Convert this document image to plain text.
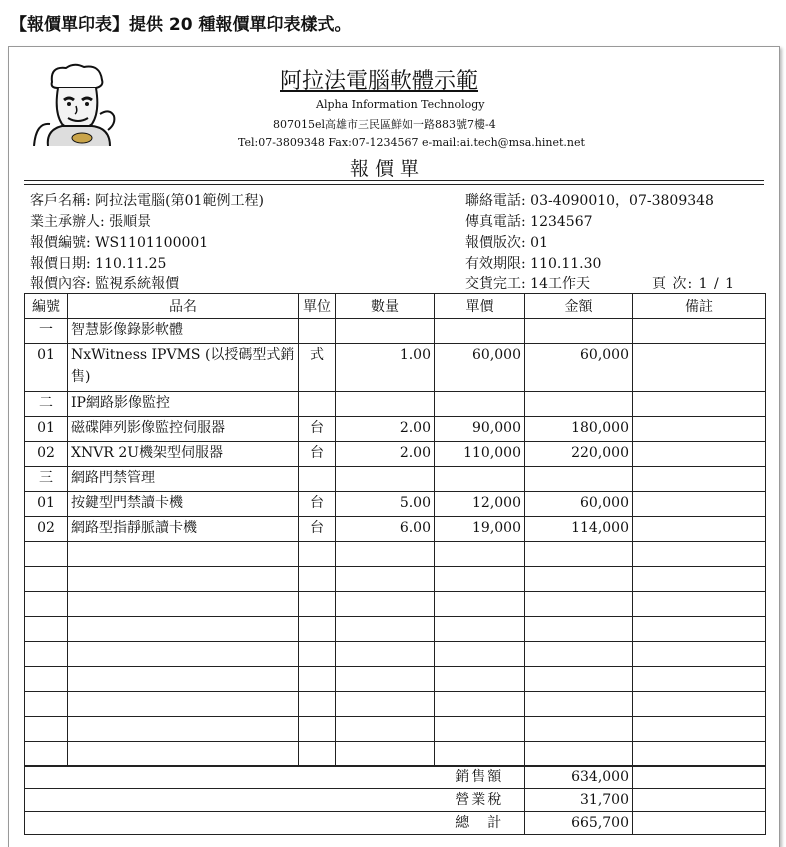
【報價單印表】提供 20 種報價單印表樣式。
阿拉法電腦軟體示範
Alpha Information Technology
807015el高雄市三民區鮮如一路883號7樓-4
Tel:07-3809348 Fax:07-1234567 e-mail:ai.tech@msa.hinet.net
報價單
客戶名稱: 阿拉法電腦(第01範例工程)
業主承辦人: 張順景
報價編號: WS1101100001
報價日期: 110.11.25
報價內容: 監視系統報價
聯絡電話: 03-4090010，07-3809348
傳真電話: 1234567
報價版次: 01
有效期限: 110.11.30
交貨完工: 14工作天	頁 次: 1 / 1
編號	品名	單位	數量	單價	金額	備註
一	智慧影像錄影軟體					
01	NxWitness IPVMS (以授碼型式銷售)	式	1.00	60,000	60,000	
二	IP網路影像監控					
01	磁碟陣列影像監控伺服器	台	2.00	90,000	180,000	
02	XNVR 2U機架型伺服器	台	2.00	110,000	220,000	
三	網路門禁管理					
01	按鍵型門禁讀卡機	台	5.00	12,000	60,000	
02	網路型指靜脈讀卡機	台	6.00	19,000	114,000	

	銷售額	634,000	
	營業稅	31,700	
	總　計	665,700	
